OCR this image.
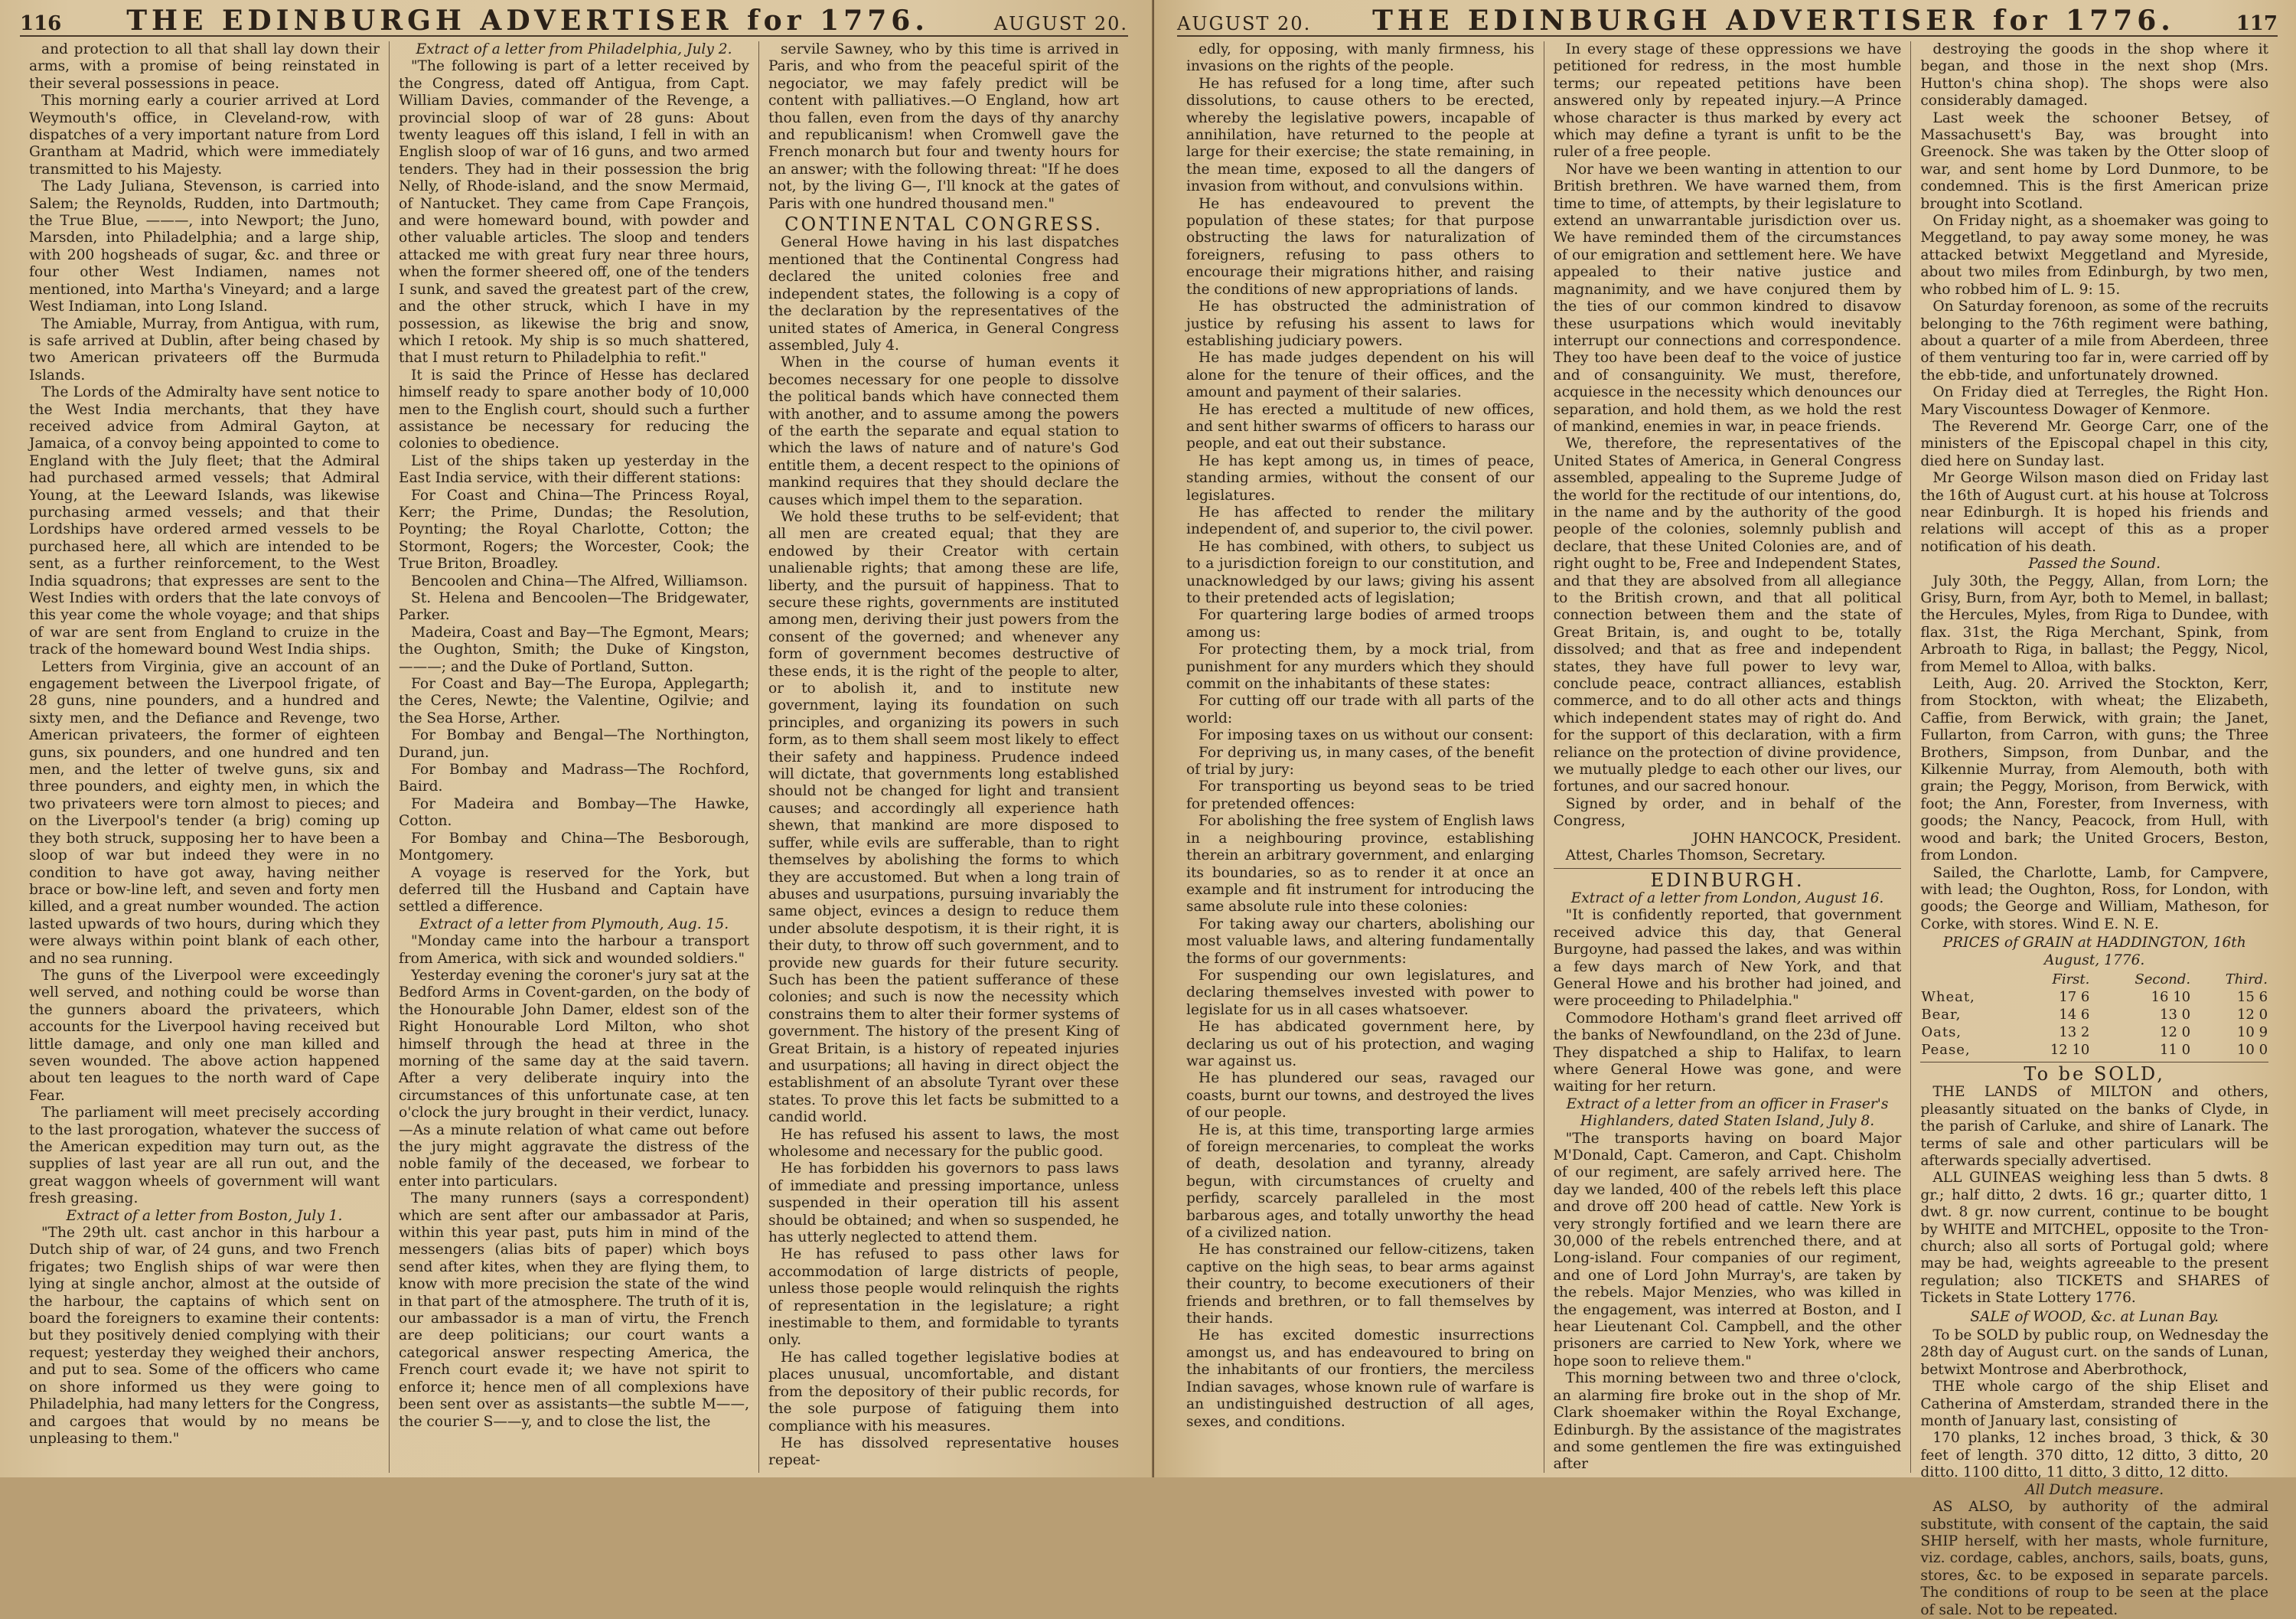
116 THE EDINBURGH ADVERTISER for 1776.	AUGUST 20.

and protection to all that shall lay down their arms, with a promise of being reinstated in their several possessions in peace.

This morning early a courier arrived at Lord Weymouth's office, in Cleveland-row, with dispatches of a very important nature from Lord Grantham at Madrid, which were immediately transmitted to his Majesty.

The Lady Juliana, Stevenson, is carried into Salem; the Reynolds, Rudden, into Dartmouth; the True Blue, ———, into Newport; the Juno, Marsden, into Philadelphia; and a large ship, with 200 hogsheads of sugar, &c. and three or four other West Indiamen, names not mentioned, into Martha's Vineyard; and a large West Indiaman, into Long Island.

The Amiable, Murray, from Antigua, with rum, is safe arrived at Dublin, after being chased by two American privateers off the Burmuda Islands.

The Lords of the Admiralty have sent notice to the West India merchants, that they have received advice from Admiral Gayton, at Jamaica, of a convoy being appointed to come to England with the July fleet; that the Admiral had purchased armed vessels; that Admiral Young, at the Leeward Islands, was likewise purchasing armed vessels; and that their Lordships have ordered armed vessels to be purchased here, all which are intended to be sent, as a further reinforcement, to the West India squadrons; that expresses are sent to the West Indies with orders that the late convoys of this year come the whole voyage; and that ships of war are sent from England to cruize in the track of the homeward bound West India ships.

Letters from Virginia, give an account of an engagement between the Liverpool frigate, of 28 guns, nine pounders, and a hundred and sixty men, and the Defiance and Revenge, two American privateers, the former of eighteen guns, six pounders, and one hundred and ten men, and the letter of twelve guns, six and three pounders, and eighty men, in which the two privateers were torn almost to pieces; and on the Liverpool's tender (a brig) coming up they both struck, supposing her to have been a sloop of war but indeed they were in no condition to have got away, having neither brace or bow-line left, and seven and forty men killed, and a great number wounded. The action lasted upwards of two hours, during which they were always within point blank of each other, and no sea running.

The guns of the Liverpool were exceedingly well served, and nothing could be worse than the gunners aboard the privateers, which accounts for the Liverpool having received but little damage, and only one man killed and seven wounded. The above action happened about ten leagues to the north ward of Cape Fear.

The parliament will meet precisely according to the last prorogation, whatever the success of the American expedition may turn out, as the supplies of last year are all run out, and the great waggon wheels of government will want fresh greasing.

Extract of a letter from Boston, July 1.

"The 29th ult. cast anchor in this harbour a Dutch ship of war, of 24 guns, and two French frigates; two English ships of war were then lying at single anchor, almost at the outside of the harbour, the captains of which sent on board the foreigners to examine their contents: but they positively denied complying with their request; yesterday they weighed their anchors, and put to sea. Some of the officers who came on shore informed us they were going to Philadelphia, had many letters for the Congress, and cargoes that would by no means be unpleasing to them."

Extract of a letter from Philadelphia, July 2.

"The following is part of a letter received by the Congress, dated off Antigua, from Capt. William Davies, commander of the Revenge, a provincial sloop of war of 28 guns: About twenty leagues off this island, I fell in with an English sloop of war of 16 guns, and two armed tenders. They had in their possession the brig Nelly, of Rhode-island, and the snow Mermaid, of Nantucket. They came from Cape François, and were homeward bound, with powder and other valuable articles. The sloop and tenders attacked me with great fury near three hours, when the former sheered off, one of the tenders I sunk, and saved the greatest part of the crew, and the other struck, which I have in my possession, as likewise the brig and snow, which I retook. My ship is so much shattered, that I must return to Philadelphia to refit."

It is said the Prince of Hesse has declared himself ready to spare another body of 10,000 men to the English court, should such a further assistance be necessary for reducing the colonies to obedience.

List of the ships taken up yesterday in the East India service, with their different stations:

For Coast and China—The Princess Royal, Kerr; the Prime, Dundas; the Resolution, Poynting; the Royal Charlotte, Cotton; the Stormont, Rogers; the Worcester, Cook; the True Briton, Broadley.

Bencoolen and China—The Alfred, Williamson.

St. Helena and Bencoolen—The Bridgewater, Parker.

Madeira, Coast and Bay—The Egmont, Mears; the Oughton, Smith; the Duke of Kingston, ———; and the Duke of Portland, Sutton.

For Coast and Bay—The Europa, Applegarth; the Ceres, Newte; the Valentine, Ogilvie; and the Sea Horse, Arther.

For Bombay and Bengal—The Northington, Durand, jun.

For Bombay and Madrass—The Rochford, Baird.

For Madeira and Bombay—The Hawke, Cotton.

For Bombay and China—The Besborough, Montgomery.

A voyage is reserved for the York, but deferred till the Husband and Captain have settled a difference.

Extract of a letter from Plymouth, Aug. 15.

"Monday came into the harbour a transport from America, with sick and wounded soldiers."

Yesterday evening the coroner's jury sat at the Bedford Arms in Covent-garden, on the body of the Honourable John Damer, eldest son of the Right Honourable Lord Milton, who shot himself through the head at three in the morning of the same day at the said tavern. After a very deliberate inquiry into the circumstances of this unfortunate case, at ten o'clock the jury brought in their verdict, lunacy.—As a minute relation of what came out before the jury might aggravate the distress of the noble family of the deceased, we forbear to enter into particulars.

The many runners (says a correspondent) which are sent after our ambassador at Paris, within this year past, puts him in mind of the messengers (alias bits of paper) which boys send after kites, when they are flying them, to know with more precision the state of the wind in that part of the atmosphere. The truth of it is, our ambassador is a man of virtu, the French are deep politicians; our court wants a categorical answer respecting America, the French court evade it; we have not spirit to enforce it; hence men of all complexions have been sent over as assistants—the subtle M——, the courier S——y, and to close the list, the

servile Sawney, who by this time is arrived in Paris, and who from the peaceful spirit of the negociator, we may fafely predict will be content with palliatives.—O England, how art thou fallen, even from the days of thy anarchy and republicanism! when Cromwell gave the French monarch but four and twenty hours for an answer; with the following threat: "If he does not, by the living G—, I'll knock at the gates of Paris with one hundred thousand men."

CONTINENTAL CONGRESS.

General Howe having in his last dispatches mentioned that the Continental Congress had declared the united colonies free and independent states, the following is a copy of the declaration by the representatives of the united states of America, in General Congress assembled, July 4.

When in the course of human events it becomes necessary for one people to dissolve the political bands which have connected them with another, and to assume among the powers of the earth the separate and equal station to which the laws of nature and of nature's God entitle them, a decent respect to the opinions of mankind requires that they should declare the causes which impel them to the separation.

We hold these truths to be self-evident; that all men are created equal; that they are endowed by their Creator with certain unalienable rights; that among these are life, liberty, and the pursuit of happiness. That to secure these rights, governments are instituted among men, deriving their just powers from the consent of the governed; and whenever any form of government becomes destructive of these ends, it is the right of the people to alter, or to abolish it, and to institute new government, laying its foundation on such principles, and organizing its powers in such form, as to them shall seem most likely to effect their safety and happiness. Prudence indeed will dictate, that governments long established should not be changed for light and transient causes; and accordingly all experience hath shewn, that mankind are more disposed to suffer, while evils are sufferable, than to right themselves by abolishing the forms to which they are accustomed. But when a long train of abuses and usurpations, pursuing invariably the same object, evinces a design to reduce them under absolute despotism, it is their right, it is their duty, to throw off such government, and to provide new guards for their future security. Such has been the patient sufferance of these colonies; and such is now the necessity which constrains them to alter their former systems of government. The history of the present King of Great Britain, is a history of repeated injuries and usurpations; all having in direct object the establishment of an absolute Tyrant over these states. To prove this let facts be submitted to a candid world.

He has refused his assent to laws, the most wholesome and necessary for the public good.

He has forbidden his governors to pass laws of immediate and pressing importance, unless suspended in their operation till his assent should be obtained; and when so suspended, he has utterly neglected to attend them.

He has refused to pass other laws for accommodation of large districts of people, unless those people would relinquish the rights of representation in the legislature; a right inestimable to them, and formidable to tyrants only.

He has called together legislative bodies at places unusual, uncomfortable, and distant from the depository of their public records, for the sole purpose of fatiguing them into compliance with his measures.

He has dissolved representative houses repeat-

AUGUST 20. THE EDINBURGH ADVERTISER for 1776.	117

edly, for opposing, with manly firmness, his invasions on the rights of the people.

He has refused for a long time, after such dissolutions, to cause others to be erected, whereby the legislative powers, incapable of annihilation, have returned to the people at large for their exercise; the state remaining, in the mean time, exposed to all the dangers of invasion from without, and convulsions within.

He has endeavoured to prevent the population of these states; for that purpose obstructing the laws for naturalization of foreigners, refusing to pass others to encourage their migrations hither, and raising the conditions of new appropriations of lands.

He has obstructed the administration of justice by refusing his assent to laws for establishing judiciary powers.

He has made judges dependent on his will alone for the tenure of their offices, and the amount and payment of their salaries.

He has erected a multitude of new offices, and sent hither swarms of officers to harass our people, and eat out their substance.

He has kept among us, in times of peace, standing armies, without the consent of our legislatures.

He has affected to render the military independent of, and superior to, the civil power.

He has combined, with others, to subject us to a jurisdiction foreign to our constitution, and unacknowledged by our laws; giving his assent to their pretended acts of legislation;

For quartering large bodies of armed troops among us:

For protecting them, by a mock trial, from punishment for any murders which they should commit on the inhabitants of these states:

For cutting off our trade with all parts of the world:

For imposing taxes on us without our consent:

For depriving us, in many cases, of the benefit of trial by jury:

For transporting us beyond seas to be tried for pretended offences:

For abolishing the free system of English laws in a neighbouring province, establishing therein an arbitrary government, and enlarging its boundaries, so as to render it at once an example and fit instrument for introducing the same absolute rule into these colonies:

For taking away our charters, abolishing our most valuable laws, and altering fundamentally the forms of our governments:

For suspending our own legislatures, and declaring themselves invested with power to legislate for us in all cases whatsoever.

He has abdicated government here, by declaring us out of his protection, and waging war against us.

He has plundered our seas, ravaged our coasts, burnt our towns, and destroyed the lives of our people.

He is, at this time, transporting large armies of foreign mercenaries, to compleat the works of death, desolation and tyranny, already begun, with circumstances of cruelty and perfidy, scarcely paralleled in the most barbarous ages, and totally unworthy the head of a civilized nation.

He has constrained our fellow-citizens, taken captive on the high seas, to bear arms against their country, to become executioners of their friends and brethren, or to fall themselves by their hands.

He has excited domestic insurrections amongst us, and has endeavoured to bring on the inhabitants of our frontiers, the merciless Indian savages, whose known rule of warfare is an undistinguished destruction of all ages, sexes, and conditions.

In every stage of these oppressions we have petitioned for redress, in the most humble terms; our repeated petitions have been answered only by repeated injury.—A Prince whose character is thus marked by every act which may define a tyrant is unfit to be the ruler of a free people.

Nor have we been wanting in attention to our British brethren. We have warned them, from time to time, of attempts, by their legislature to extend an unwarrantable jurisdiction over us. We have reminded them of the circumstances of our emigration and settlement here. We have appealed to their native justice and magnanimity, and we have conjured them by the ties of our common kindred to disavow these usurpations which would inevitably interrupt our connections and correspondence. They too have been deaf to the voice of justice and of consanguinity. We must, therefore, acquiesce in the necessity which denounces our separation, and hold them, as we hold the rest of mankind, enemies in war, in peace friends.

We, therefore, the representatives of the United States of America, in General Congress assembled, appealing to the Supreme Judge of the world for the rectitude of our intentions, do, in the name and by the authority of the good people of the colonies, solemnly publish and declare, that these United Colonies are, and of right ought to be, Free and Independent States, and that they are absolved from all allegiance to the British crown, and that all political connection between them and the state of Great Britain, is, and ought to be, totally dissolved; and that as free and independent states, they have full power to levy war, conclude peace, contract alliances, establish commerce, and to do all other acts and things which independent states may of right do. And for the support of this declaration, with a firm reliance on the protection of divine providence, we mutually pledge to each other our lives, our fortunes, and our sacred honour.

Signed by order, and in behalf of the Congress,

JOHN HANCOCK, President.

Attest, Charles Thomson, Secretary.

EDINBURGH.

Extract of a letter from London, August 16.

"It is confidently reported, that government received advice this day, that General Burgoyne, had passed the lakes, and was within a few days march of New York, and that General Howe and his brother had joined, and were proceeding to Philadelphia."

Commodore Hotham's grand fleet arrived off the banks of Newfoundland, on the 23d of June. They dispatched a ship to Halifax, to learn where General Howe was gone, and were waiting for her return.

Extract of a letter from an officer in Fraser's Highlanders, dated Staten Island, July 8.

"The transports having on board Major M'Donald, Capt. Cameron, and Capt. Chisholm of our regiment, are safely arrived here. The day we landed, 400 of the rebels left this place and drove off 200 head of cattle. New York is very strongly fortified and we learn there are 30,000 of the rebels entrenched there, and at Long-island. Four companies of our regiment, and one of Lord John Murray's, are taken by the rebels. Major Menzies, who was killed in the engagement, was interred at Boston, and I hear Lieutenant Col. Campbell, and the other prisoners are carried to New York, where we hope soon to relieve them."

This morning between two and three o'clock, an alarming fire broke out in the shop of Mr. Clark shoemaker within the Royal Exchange, Edinburgh. By the assistance of the magistrates and some gentlemen the fire was extinguished after

destroying the goods in the shop where it began, and those in the next shop (Mrs. Hutton's china shop). The shops were also considerably damaged.

Last week the schooner Betsey, of Massachusett's Bay, was brought into Greenock. She was taken by the Otter sloop of war, and sent home by Lord Dunmore, to be condemned. This is the first American prize brought into Scotland.

On Friday night, as a shoemaker was going to Meggetland, to pay away some money, he was attacked betwixt Meggetland and Myreside, about two miles from Edinburgh, by two men, who robbed him of L. 9: 15.

On Saturday forenoon, as some of the recruits belonging to the 76th regiment were bathing, about a quarter of a mile from Aberdeen, three of them venturing too far in, were carried off by the ebb-tide, and unfortunately drowned.

On Friday died at Terregles, the Right Hon. Mary Viscountess Dowager of Kenmore.

The Reverend Mr. George Carr, one of the ministers of the Episcopal chapel in this city, died here on Sunday last.

Mr George Wilson mason died on Friday last the 16th of August curt. at his house at Tolcross near Edinburgh. It is hoped his friends and relations will accept of this as a proper notification of his death.

Passed the Sound.

July 30th, the Peggy, Allan, from Lorn; the Grisy, Burn, from Ayr, both to Memel, in ballast; the Hercules, Myles, from Riga to Dundee, with flax. 31st, the Riga Merchant, Spink, from Arbroath to Riga, in ballast; the Peggy, Nicol, from Memel to Alloa, with balks.

Leith, Aug. 20. Arrived the Stockton, Kerr, from Stockton, with wheat; the Elizabeth, Caffie, from Berwick, with grain; the Janet, Fullarton, from Carron, with guns; the Three Brothers, Simpson, from Dunbar, and the Kilkennie Murray, from Alemouth, both with grain; the Peggy, Morison, from Berwick, with foot; the Ann, Forester, from Inverness, with goods; the Nancy, Peacock, from Hull, with wood and bark; the United Grocers, Beston, from London.

Sailed, the Charlotte, Lamb, for Campvere, with lead; the Oughton, Ross, for London, with goods; the George and William, Matheson, for Corke, with stores. Wind E. N. E.

PRICES of GRAIN at HADDINGTON, 16th August, 1776.
	First.	Second.	Third.
Wheat,	17 6	16 10	15 6
Bear,	14 6	13 0	12 0
Oats,	13 2	12 0	10 9
Pease,	12 10	11 0	10 0
To be SOLD,

THE LANDS of MILTON and others, pleasantly situated on the banks of Clyde, in the parish of Carluke, and shire of Lanark. The terms of sale and other particulars will be afterwards specially advertised.

ALL GUINEAS weighing less than 5 dwts. 8 gr.; half ditto, 2 dwts. 16 gr.; quarter ditto, 1 dwt. 8 gr. now current, continue to be bought by WHITE and MITCHEL, opposite to the Tron-church; also all sorts of Portugal gold; where may be had, weights agreeable to the present regulation; also TICKETS and SHARES of Tickets in State Lottery 1776.

SALE of WOOD, &c. at Lunan Bay.

To be SOLD by public roup, on Wednesday the 28th day of August curt. on the sands of Lunan, betwixt Montrose and Aberbrothock,

THE whole cargo of the ship Eliset and Catherina of Amsterdam, stranded there in the month of January last, consisting of

170 planks, 12 inches broad, 3 thick, & 30 feet of length. 370 ditto, 12 ditto, 3 ditto, 20 ditto. 1100 ditto, 11 ditto, 3 ditto, 12 ditto.

All Dutch measure.

AS ALSO, by authority of the admiral substitute, with consent of the captain, the said SHIP herself, with her masts, whole furniture, viz. cordage, cables, anchors, sails, boats, guns, stores, &c. to be exposed in separate parcels. The conditions of roup to be seen at the place of sale. Not to be repeated.
